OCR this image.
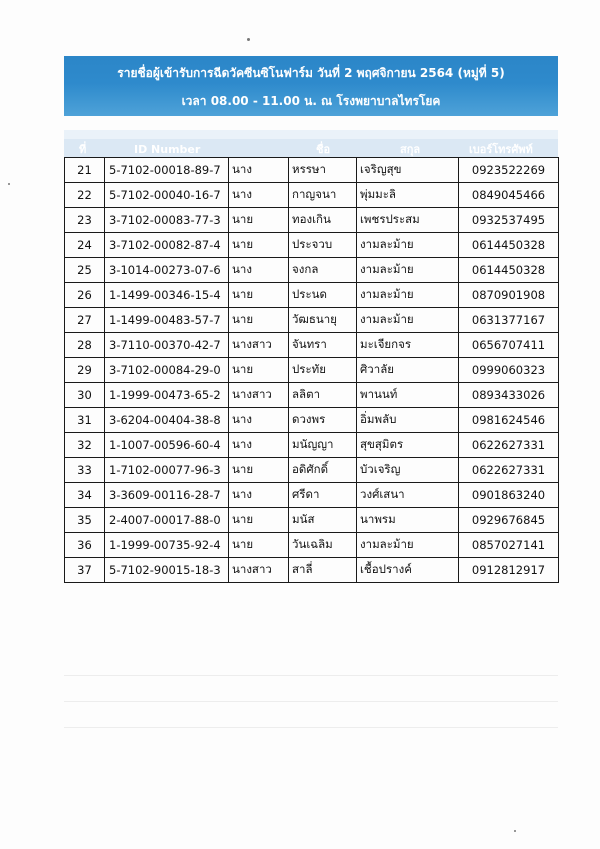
รายชื่อผู้เข้ารับการฉีดวัคซีนซิโนฟาร์ม วันที่ 2 พฤศจิกายน 2564 (หมู่ที่ 5)
เวลา 08.00 - 11.00 น. ณ โรงพยาบาลไทรโยค
ที่	ID Number	ชื่อ	สกุล	เบอร์โทรศัพท์
21	5-7102-00018-89-7	นาง	หรรษา	เจริญสุข	0923522269
22	5-7102-00040-16-7	นาง	กาญจนา	พุ่มมะลิ	0849045466
23	3-7102-00083-77-3	นาย	ทองเกิน	เพชรประสม	0932537495
24	3-7102-00082-87-4	นาย	ประจวบ	งามละม้าย	0614450328
25	3-1014-00273-07-6	นาง	จงกล	งามละม้าย	0614450328
26	1-1499-00346-15-4	นาย	ประนด	งามละม้าย	0870901908
27	1-1499-00483-57-7	นาย	วัฒธนายุ	งามละม้าย	0631377167
28	3-7110-00370-42-7	นางสาว	จันทรา	มะเจียกจร	0656707411
29	3-7102-00084-29-0	นาย	ประทัย	ศิวาลัย	0999060323
30	1-1999-00473-65-2	นางสาว	ลลิตา	พานนท์	0893433026
31	3-6204-00404-38-8	นาง	ดวงพร	อิ่มพลับ	0981624546
32	1-1007-00596-60-4	นาง	มนัญญา	สุขสุมิตร	0622627331
33	1-7102-00077-96-3	นาย	อดิศักดิ์	บัวเจริญ	0622627331
34	3-3609-00116-28-7	นาง	ศรีดา	วงศ์เสนา	0901863240
35	2-4007-00017-88-0	นาย	มนัส	นาพรม	0929676845
36	1-1999-00735-92-4	นาย	วันเฉลิม	งามละม้าย	0857027141
37	5-7102-90015-18-3	นางสาว	สาลี่	เชื้อปรางค์	0912812917
